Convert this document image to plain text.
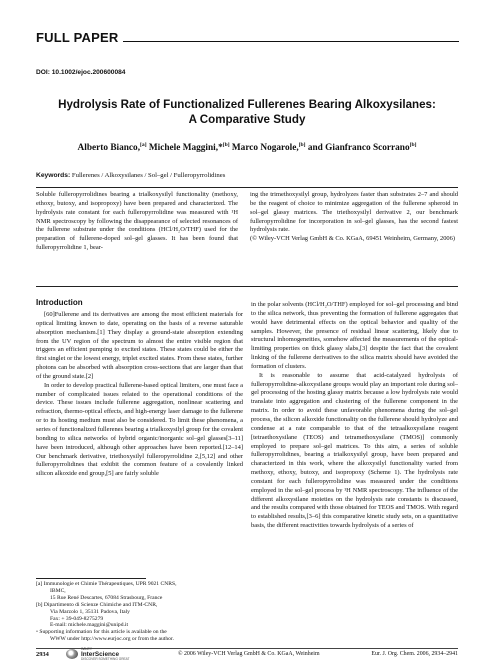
FULL PAPER
DOI: 10.1002/ejoc.200600084
Hydrolysis Rate of Functionalized Fullerenes Bearing Alkoxysilanes:
A Comparative Study
Alberto Bianco,[a] Michele Maggini,*[b] Marco Nogarole,[b] and Gianfranco Scorrano[b]
Keywords: Fullerenes / Alkoxysilanes / Sol–gel / Fulleropyrrolidines
Soluble fulleropyrrolidines bearing a trialkoxysilyl functionality (methoxy, ethoxy, butoxy, and isopropoxy) have been prepared and characterized. The hydrolysis rate constant for each fulleropyrrolidine was measured with ¹H NMR spectroscopy by following the disappearance of selected resonances of the fullerene substrate under the conditions (HCl/H₂O/THF) used for the preparation of fullerene-doped sol–gel glasses. It has been found that fulleropyrrolidine 1, bear-
ing the trimethoxysilyl group, hydrolyzes faster than substrates 2–7 and should be the reagent of choice to minimize aggregation of the fullerene spheroid in sol–gel glassy matrices. The triethoxysilyl derivative 2, our benchmark fulleropyrrolidine for incorporation in sol–gel glasses, has the second fastest hydrolysis rate.
(© Wiley-VCH Verlag GmbH & Co. KGaA, 69451 Weinheim, Germany, 2006)
Introduction
[60]Fullerene and its derivatives are among the most efficient materials for optical limiting known to date, operating on the basis of a reverse saturable absorption mechanism.[1] They display a ground-state absorption extending from the UV region of the spectrum to almost the entire visible region that triggers an efficient pumping to excited states. These states could be either the first singlet or the lowest energy, triplet excited states. From these states, further photons can be absorbed with absorption cross-sections that are larger than that of the ground state.[2]
In order to develop practical fullerene-based optical limiters, one must face a number of complicated issues related to the operational conditions of the device. These issues include fullerene aggregation, nonlinear scattering and refraction, thermo-optical effects, and high-energy laser damage to the fullerene or to its hosting medium must also be considered. To limit these phenomena, a series of functionalized fullerenes bearing a trialkoxysilyl group for the covalent bonding to silica networks of hybrid organic/inorganic sol–gel glasses[3–11] have been introduced, although other approaches have been reported.[12–14] Our benchmark derivative, triethoxysilyl fulleropyrrolidine 2,[5,12] and other fulleropyrrolidines that exhibit the common feature of a covalently linked silicon alkoxide end group,[5] are fairly soluble
in the polar solvents (HCl/H₂O/THF) employed for sol–gel processing and bind to the silica network, thus preventing the formation of fullerene aggregates that would have detrimental effects on the optical behavior and quality of the samples. However, the presence of residual linear scattering, likely due to structural inhomogeneities, somehow affected the measurements of the optical-limiting properties on thick glassy slabs,[3] despite the fact that the covalent linking of the fullerene derivatives to the silica matrix should have avoided the formation of clusters.
It is reasonable to assume that acid-catalyzed hydrolysis of fulleropyrrolidine-alkoxysilane groups would play an important role during sol–gel processing of the hosting glassy matrix because a low hydrolysis rate would translate into aggregation and clustering of the fullerene component in the matrix. In order to avoid these unfavorable phenomena during the sol–gel process, the silicon alkoxide functionality on the fullerene should hydrolyze and condense at a rate comparable to that of the tetraalkoxysilane reagent [tetraethoxysilane (TEOS) and tetramethoxysilane (TMOS)] commonly employed to prepare sol–gel matrices. To this aim, a series of soluble fulleropyrrolidines, bearing a trialkoxysilyl group, have been prepared and characterized in this work, where the alkoxysilyl functionality varied from methoxy, ethoxy, butoxy, and isopropoxy (Scheme 1). The hydrolysis rate constant for each fulleropyrrolidine was measured under the conditions employed in the sol–gel process by ¹H NMR spectroscopy. The influence of the different alkoxysilane moieties on the hydrolysis rate constants is discussed, and the results compared with those obtained for TEOS and TMOS. With regard to established results,[3–6] this comparative kinetic study sets, on a quantitative basis, the different reactivities towards hydrolysis of a series of
[a] Immunologie et Chimie Thérapeutiques, UPR 9021 CNRS,
IBMC,
15 Rue René Descartes, 67084 Strasbourg, France
[b] Dipartimento di Scienze Chimiche and ITM-CNR,
Via Marzolo 1, 35131 Padova, Italy
Fax: + 39-049-8275279
E-mail: michele.maggini@unipd.it
▫ Supporting information for this article is available on the
WWW under http://www.eurjoc.org or from the author.
2934
WILEY
InterScience
DISCOVER SOMETHING GREAT
© 2006 Wiley-VCH Verlag GmbH & Co. KGaA, Weinheim	Eur. J. Org. Chem. 2006, 2934–2941
